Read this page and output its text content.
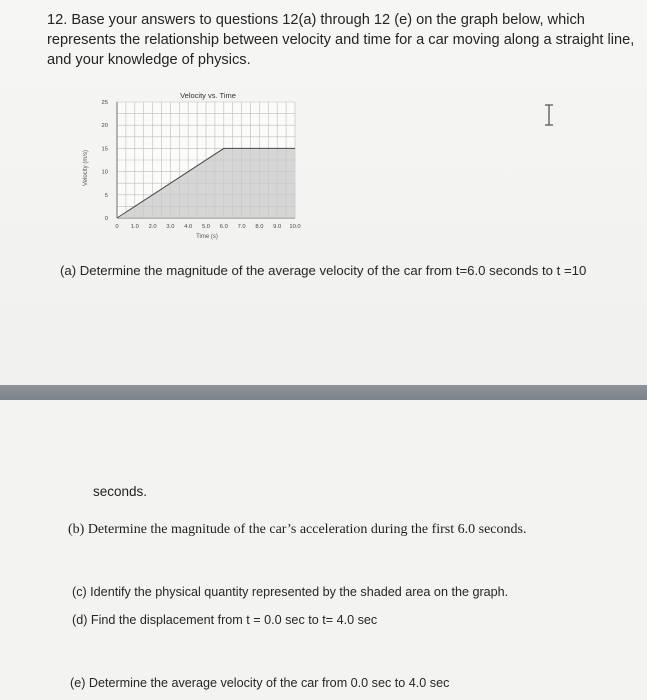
12. Base your answers to questions 12(a) through 12 (e) on the graph below, which represents the relationship between velocity and time for a car moving along a straight line, and your knowledge of physics.
Velocity vs. Time
Velocity (m/s)
Time (s)
0 1.0 2.0 3.0 4.0 5.0 6.0 7.0 8.0 9.0 10.0
0
5
10
15
20
25
(a) Determine the magnitude of the average velocity of the car from t=6.0 seconds to t =10
seconds.
(b) Determine the magnitude of the car’s acceleration during the first 6.0 seconds.
(c) Identify the physical quantity represented by the shaded area on the graph.
(d) Find the displacement from t = 0.0 sec to t= 4.0 sec
(e) Determine the average velocity of the car from 0.0 sec to 4.0 sec
